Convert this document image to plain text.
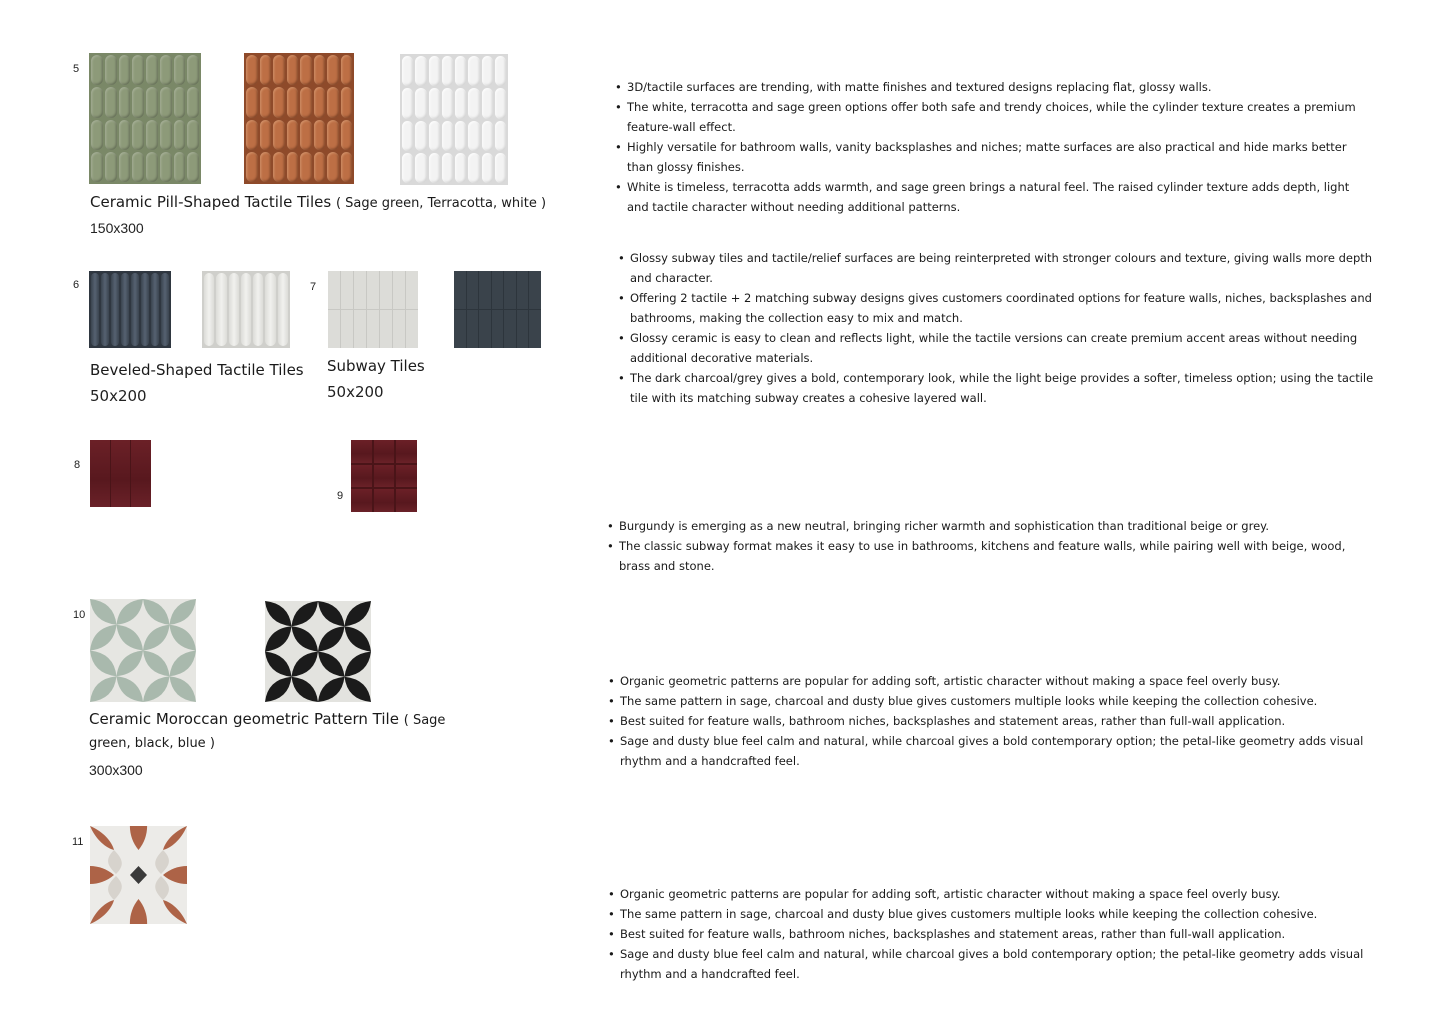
5
Ceramic Pill-Shaped Tactile Tiles ( Sage green, Terracotta, white )
150x300
• 3D/tactile surfaces are trending, with matte finishes and textured designs replacing flat, glossy walls.
• The white, terracotta and sage green options offer both safe and trendy choices, while the cylinder texture creates a premium feature-wall effect.
• Highly versatile for bathroom walls, vanity backsplashes and niches; matte surfaces are also practical and hide marks better than glossy finishes.
• White is timeless, terracotta adds warmth, and sage green brings a natural feel. The raised cylinder texture adds depth, light and tactile character without needing additional patterns.
6	7
Beveled-Shaped Tactile Tiles
50x200
Subway Tiles
50x200
• Glossy subway tiles and tactile/relief surfaces are being reinterpreted with stronger colours and texture, giving walls more depth and character.
• Offering 2 tactile + 2 matching subway designs gives customers coordinated options for feature walls, niches, backsplashes and bathrooms, making the collection easy to mix and match.
• Glossy ceramic is easy to clean and reflects light, while the tactile versions can create premium accent areas without needing additional decorative materials.
• The dark charcoal/grey gives a bold, contemporary look, while the light beige provides a softer, timeless option; using the tactile tile with its matching subway creates a cohesive layered wall.
8
9
• Burgundy is emerging as a new neutral, bringing richer warmth and sophistication than traditional beige or grey.
• The classic subway format makes it easy to use in bathrooms, kitchens and feature walls, while pairing well with beige, wood, brass and stone.
10
Ceramic Moroccan geometric Pattern Tile ( Sage
green, black, blue )
300x300
• Organic geometric patterns are popular for adding soft, artistic character without making a space feel overly busy.
• The same pattern in sage, charcoal and dusty blue gives customers multiple looks while keeping the collection cohesive.
• Best suited for feature walls, bathroom niches, backsplashes and statement areas, rather than full-wall application.
• Sage and dusty blue feel calm and natural, while charcoal gives a bold contemporary option; the petal-like geometry adds visual rhythm and a handcrafted feel.
11
• Organic geometric patterns are popular for adding soft, artistic character without making a space feel overly busy.
• The same pattern in sage, charcoal and dusty blue gives customers multiple looks while keeping the collection cohesive.
• Best suited for feature walls, bathroom niches, backsplashes and statement areas, rather than full-wall application.
• Sage and dusty blue feel calm and natural, while charcoal gives a bold contemporary option; the petal-like geometry adds visual rhythm and a handcrafted feel.
